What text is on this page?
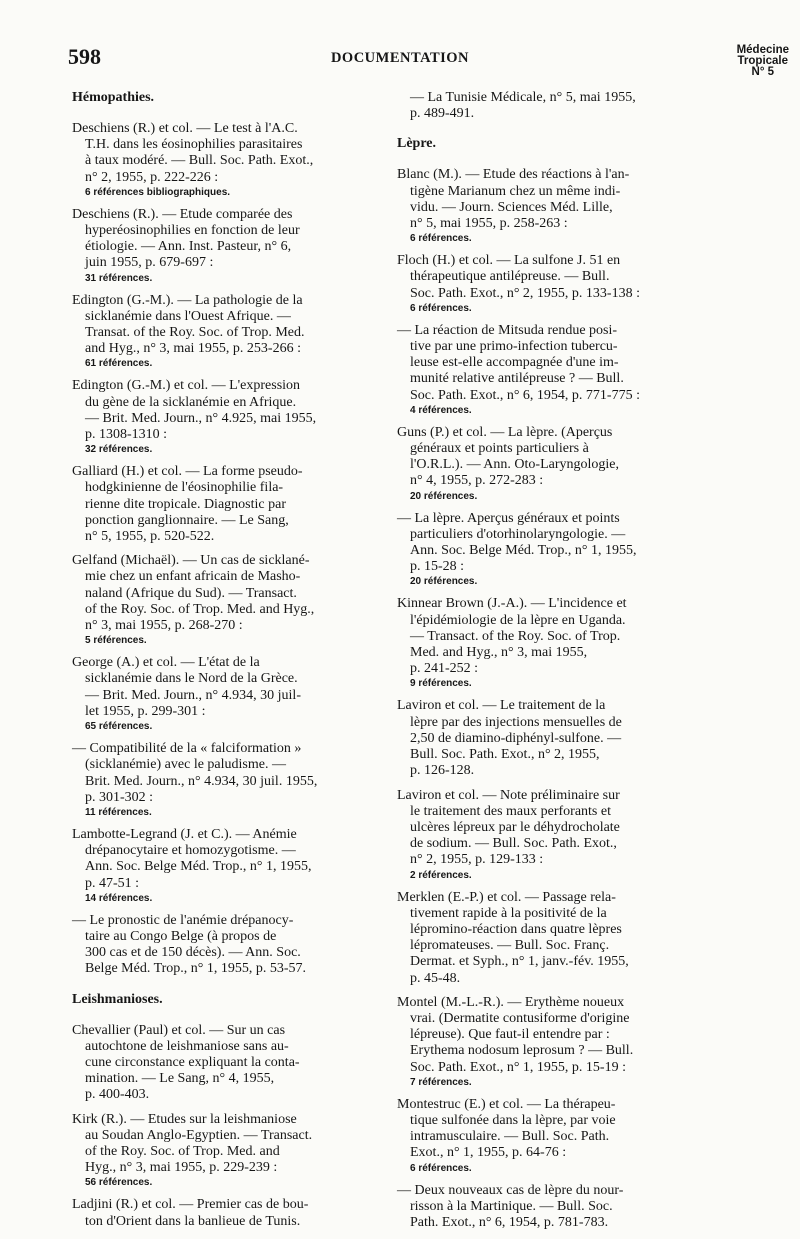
598	DOCUMENTATION	Médecine
Tropicale
N° 5
Hémopathies.
Deschiens (R.) et col. — Le test à l'A.C.
T.H. dans les éosinophilies parasitaires
à taux modéré. — Bull. Soc. Path. Exot.,
n° 2, 1955, p. 222-226 :
6 références bibliographiques.
Deschiens (R.). — Etude comparée des
hyperéosinophilies en fonction de leur
étiologie. — Ann. Inst. Pasteur, n° 6,
juin 1955, p. 679-697 :
31 références.
Edington (G.-M.). — La pathologie de la
sicklanémie dans l'Ouest Afrique. —
Transat. of the Roy. Soc. of Trop. Med.
and Hyg., n° 3, mai 1955, p. 253-266 :
61 références.
Edington (G.-M.) et col. — L'expression
du gène de la sicklanémie en Afrique.
— Brit. Med. Journ., n° 4.925, mai 1955,
p. 1308-1310 :
32 références.
Galliard (H.) et col. — La forme pseudo-
hodgkinienne de l'éosinophilie fila-
rienne dite tropicale. Diagnostic par
ponction ganglionnaire. — Le Sang,
n° 5, 1955, p. 520-522.
Gelfand (Michaël). — Un cas de sicklané-
mie chez un enfant africain de Masho-
naland (Afrique du Sud). — Transact.
of the Roy. Soc. of Trop. Med. and Hyg.,
n° 3, mai 1955, p. 268-270 :
5 références.
George (A.) et col. — L'état de la
sicklanémie dans le Nord de la Grèce.
— Brit. Med. Journ., n° 4.934, 30 juil-
let 1955, p. 299-301 :
65 références.
— Compatibilité de la « falciformation »
(sicklanémie) avec le paludisme. —
Brit. Med. Journ., n° 4.934, 30 juil. 1955,
p. 301-302 :
11 références.
Lambotte-Legrand (J. et C.). — Anémie
drépanocytaire et homozygotisme. —
Ann. Soc. Belge Méd. Trop., n° 1, 1955,
p. 47-51 :
14 références.
— Le pronostic de l'anémie drépanocy-
taire au Congo Belge (à propos de
300 cas et de 150 décès). — Ann. Soc.
Belge Méd. Trop., n° 1, 1955, p. 53-57.
Leishmanioses.
Chevallier (Paul) et col. — Sur un cas
autochtone de leishmaniose sans au-
cune circonstance expliquant la conta-
mination. — Le Sang, n° 4, 1955,
p. 400-403.
Kirk (R.). — Etudes sur la leishmaniose
au Soudan Anglo-Egyptien. — Transact.
of the Roy. Soc. of Trop. Med. and
Hyg., n° 3, mai 1955, p. 229-239 :
56 références.
Ladjini (R.) et col. — Premier cas de bou-
ton d'Orient dans la banlieue de Tunis.
— La Tunisie Médicale, n° 5, mai 1955,
p. 489-491.
Lèpre.
Blanc (M.). — Etude des réactions à l'an-
tigène Marianum chez un même indi-
vidu. — Journ. Sciences Méd. Lille,
n° 5, mai 1955, p. 258-263 :
6 références.
Floch (H.) et col. — La sulfone J. 51 en
thérapeutique antilépreuse. — Bull.
Soc. Path. Exot., n° 2, 1955, p. 133-138 :
6 références.
— La réaction de Mitsuda rendue posi-
tive par une primo-infection tubercu-
leuse est-elle accompagnée d'une im-
munité relative antilépreuse ? — Bull.
Soc. Path. Exot., n° 6, 1954, p. 771-775 :
4 références.
Guns (P.) et col. — La lèpre. (Aperçus
généraux et points particuliers à
l'O.R.L.). — Ann. Oto-Laryngologie,
n° 4, 1955, p. 272-283 :
20 références.
— La lèpre. Aperçus généraux et points
particuliers d'otorhinolaryngologie. —
Ann. Soc. Belge Méd. Trop., n° 1, 1955,
p. 15-28 :
20 références.
Kinnear Brown (J.-A.). — L'incidence et
l'épidémiologie de la lèpre en Uganda.
— Transact. of the Roy. Soc. of Trop.
Med. and Hyg., n° 3, mai 1955,
p. 241-252 :
9 références.
Laviron et col. — Le traitement de la
lèpre par des injections mensuelles de
2,50 de diamino-diphényl-sulfone. —
Bull. Soc. Path. Exot., n° 2, 1955,
p. 126-128.
Laviron et col. — Note préliminaire sur
le traitement des maux perforants et
ulcères lépreux par le déhydrocholate
de sodium. — Bull. Soc. Path. Exot.,
n° 2, 1955, p. 129-133 :
2 références.
Merklen (E.-P.) et col. — Passage rela-
tivement rapide à la positivité de la
lépromino-réaction dans quatre lèpres
lépromateuses. — Bull. Soc. Franç.
Dermat. et Syph., n° 1, janv.-fév. 1955,
p. 45-48.
Montel (M.-L.-R.). — Erythème noueux
vrai. (Dermatite contusiforme d'origine
lépreuse). Que faut-il entendre par :
Erythema nodosum leprosum ? — Bull.
Soc. Path. Exot., n° 1, 1955, p. 15-19 :
7 références.
Montestruc (E.) et col. — La thérapeu-
tique sulfonée dans la lèpre, par voie
intramusculaire. — Bull. Soc. Path.
Exot., n° 1, 1955, p. 64-76 :
6 références.
— Deux nouveaux cas de lèpre du nour-
risson à la Martinique. — Bull. Soc.
Path. Exot., n° 6, 1954, p. 781-783.
